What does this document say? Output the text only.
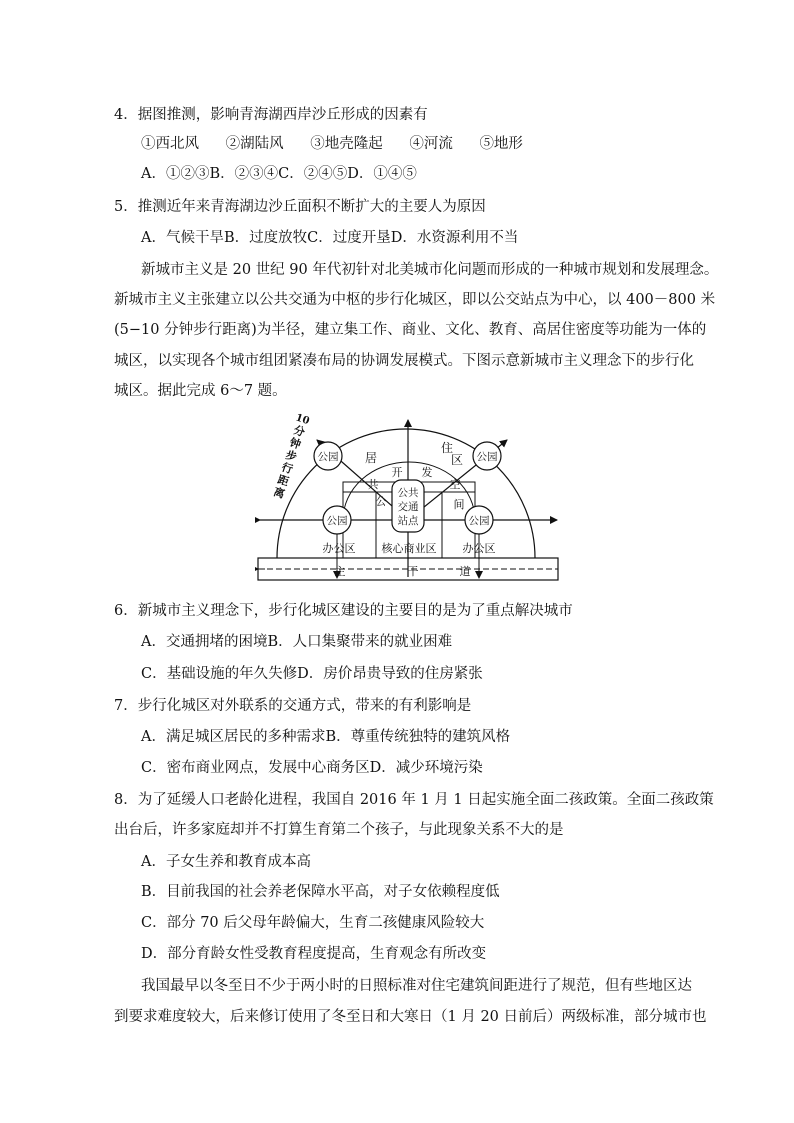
4．据图推测，影响青海湖西岸沙丘形成的因素有
①西北风 ②湖陆风 ③地壳隆起 ④河流 ⑤地形
A．①②③B．②③④C．②④⑤D．①④⑤
5．推测近年来青海湖边沙丘面积不断扩大的主要人为原因
A．气候干旱B．过度放牧C．过度开垦D．水资源利用不当
新城市主义是 20 世纪 90 年代初针对北美城市化问题而形成的一种城市规划和发展理念。
新城市主义主张建立以公共交通为中枢的步行化城区，即以公交站点为中心，以 400－800 米
(5−10 分钟步行距离)为半径，建立集工作、商业、文化、教育、高居住密度等功能为一体的
城区，以实现各个城市组团紧凑布局的协调发展模式。下图示意新城市主义理念下的步行化
城区。据此完成 6～7 题。
公园	公园
公园	公园
公共
交通
站点
居
住
区
公
共
开 发
空
间
办公区 核心商业区 办公区
主	干	道
10
分
钟
步
行
距
离
6．新城市主义理念下，步行化城区建设的主要目的是为了重点解决城市
A．交通拥堵的困境B．人口集聚带来的就业困难
C．基础设施的年久失修D．房价昂贵导致的住房紧张
7．步行化城区对外联系的交通方式，带来的有利影响是
A．满足城区居民的多种需求B．尊重传统独特的建筑风格
C．密布商业网点，发展中心商务区D．减少环境污染
8．为了延缓人口老龄化进程，我国自 2016 年 1 月 1 日起实施全面二孩政策。全面二孩政策
出台后，许多家庭却并不打算生育第二个孩子，与此现象关系不大的是
A．子女生养和教育成本高
B．目前我国的社会养老保障水平高，对子女依赖程度低
C．部分 70 后父母年龄偏大，生育二孩健康风险较大
D．部分育龄女性受教育程度提高，生育观念有所改变
我国最早以冬至日不少于两小时的日照标准对住宅建筑间距进行了规范，但有些地区达
到要求难度较大，后来修订使用了冬至日和大寒日（1 月 20 日前后）两级标准，部分城市也
